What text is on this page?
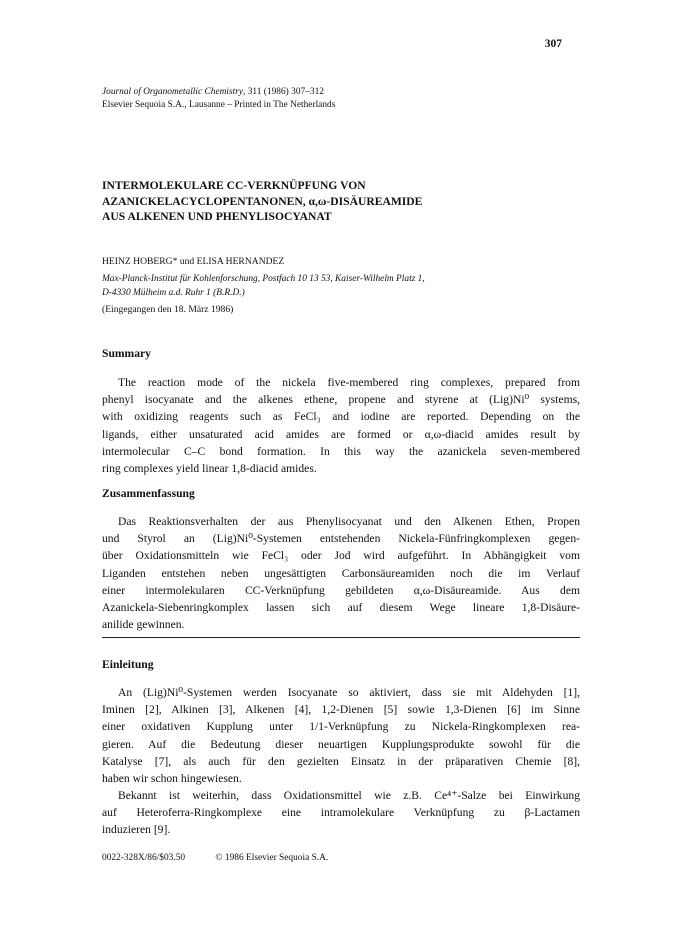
307
Journal of Organometallic Chemistry, 311 (1986) 307–312
Elsevier Sequoia S.A., Lausanne – Printed in The Netherlands
INTERMOLEKULARE CC-VERKNÜPFUNG VON
AZANICKELACYCLOPENTANONEN, α,ω-DISÄUREAMIDE
AUS ALKENEN UND PHENYLISOCYANAT
HEINZ HOBERG* und ELISA HERNANDEZ
Max-Planck-Institut für Kohlenforschung, Postfach 10 13 53, Kaiser-Wilhelm Platz 1,
D-4330 Mülheim a.d. Ruhr 1 (B.R.D.)
(Eingegangen den 18. März 1986)
Summary
The reaction mode of the nickela five-membered ring complexes, prepared from
phenyl isocyanate and the alkenes ethene, propene and styrene at (Lig)Ni⁰ systems,
with oxidizing reagents such as FeCl₃ and iodine are reported. Depending on the
ligands, either unsaturated acid amides are formed or α,ω-diacid amides result by
intermolecular C–C bond formation. In this way the azanickela seven-membered
ring complexes yield linear 1,8-diacid amides.
Zusammenfassung
Das Reaktionsverhalten der aus Phenylisocyanat und den Alkenen Ethen, Propen
und Styrol an (Lig)Ni⁰-Systemen entstehenden Nickela-Fünfringkomplexen gegen-
über Oxidationsmitteln wie FeCl₃ oder Jod wird aufgeführt. In Abhängigkeit vom
Liganden entstehen neben ungesättigten Carbonsäureamiden noch die im Verlauf
einer intermolekularen CC-Verknüpfung gebildeten α,ω-Disäureamide. Aus dem
Azanickela-Siebenringkomplex lassen sich auf diesem Wege lineare 1,8-Disäure-
anilide gewinnen.
Einleitung
An (Lig)Ni⁰-Systemen werden Isocyanate so aktiviert, dass sie mit Aldehyden [1],
Iminen [2], Alkinen [3], Alkenen [4], 1,2-Dienen [5] sowie 1,3-Dienen [6] im Sinne
einer oxidativen Kupplung unter 1/1-Verknüpfung zu Nickela-Ringkomplexen rea-
gieren. Auf die Bedeutung dieser neuartigen Kupplungsprodukte sowohl für die
Katalyse [7], als auch für den gezielten Einsatz in der präparativen Chemie [8],
haben wir schon hingewiesen.
Bekannt ist weiterhin, dass Oxidationsmittel wie z.B. Ce⁴⁺-Salze bei Einwirkung
auf Heteroferra-Ringkomplexe eine intramolekulare Verknüpfung zu β-Lactamen
induzieren [9].
0022-328X/86/$03.50	© 1986 Elsevier Sequoia S.A.
